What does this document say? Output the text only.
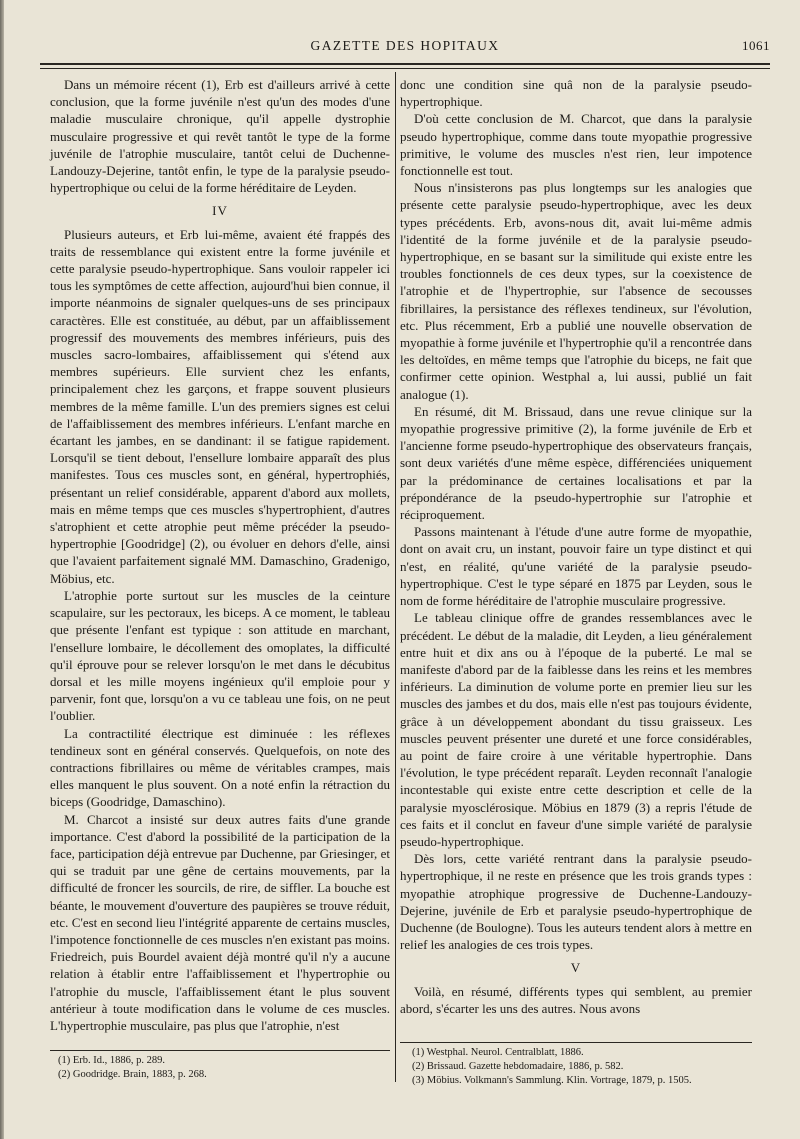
GAZETTE DES HOPITAUX	1061

Dans un mémoire récent (1), Erb est d'ailleurs arrivé à cette conclusion, que la forme juvénile n'est qu'un des modes d'une maladie musculaire chronique, qu'il appelle dystrophie musculaire progressive et qui revêt tantôt le type de la forme juvénile de l'atrophie musculaire, tantôt celui de Duchenne-Landouzy-Dejerine, tantôt enfin, le type de la paralysie pseudo-hypertrophique ou celui de la forme héréditaire de Leyden.

IV

Plusieurs auteurs, et Erb lui-même, avaient été frappés des traits de ressemblance qui existent entre la forme juvénile et cette paralysie pseudo-hypertrophique. Sans vouloir rappeler ici tous les symptômes de cette affection, aujourd'hui bien connue, il importe néanmoins de signaler quelques-uns de ses principaux caractères. Elle est constituée, au début, par un affaiblissement progressif des mouvements des membres inférieurs, puis des muscles sacro-lombaires, affaiblissement qui s'étend aux membres supérieurs. Elle survient chez les enfants, principalement chez les garçons, et frappe souvent plusieurs membres de la même famille. L'un des premiers signes est celui de l'affaiblissement des membres inférieurs. L'enfant marche en écartant les jambes, en se dandinant: il se fatigue rapidement. Lorsqu'il se tient debout, l'ensellure lombaire apparaît des plus manifestes. Tous ces muscles sont, en général, hypertrophiés, présentant un relief considérable, apparent d'abord aux mollets, mais en même temps que ces muscles s'hypertrophient, d'autres s'atrophient et cette atrophie peut même précéder la pseudo-hypertrophie [Goodridge] (2), ou évoluer en dehors d'elle, ainsi que l'avaient parfaitement signalé MM. Damaschino, Gradenigo, Möbius, etc.

L'atrophie porte surtout sur les muscles de la ceinture scapulaire, sur les pectoraux, les biceps. A ce moment, le tableau que présente l'enfant est typique : son attitude en marchant, l'ensellure lombaire, le décollement des omoplates, la difficulté qu'il éprouve pour se relever lorsqu'on le met dans le décubitus dorsal et les mille moyens ingénieux qu'il emploie pour y parvenir, font que, lorsqu'on a vu ce tableau une fois, on ne peut l'oublier.

La contractilité électrique est diminuée : les réflexes tendineux sont en général conservés. Quelquefois, on note des contractions fibrillaires ou même de véritables crampes, mais elles manquent le plus souvent. On a noté enfin la rétraction du biceps (Goodridge, Damaschino).

M. Charcot a insisté sur deux autres faits d'une grande importance. C'est d'abord la possibilité de la participation de la face, participation déjà entrevue par Duchenne, par Griesinger, et qui se traduit par une gêne de certains mouvements, par la difficulté de froncer les sourcils, de rire, de siffler. La bouche est béante, le mouvement d'ouverture des paupières se trouve réduit, etc. C'est en second lieu l'intégrité apparente de certains muscles, l'impotence fonctionnelle de ces muscles n'en existant pas moins. Friedreich, puis Bourdel avaient déjà montré qu'il n'y a aucune relation à établir entre l'affaiblissement et l'hypertrophie ou l'atrophie du muscle, l'affaiblissement étant le plus souvent antérieur à toute modification dans le volume de ces muscles. L'hypertrophie musculaire, pas plus que l'atrophie, n'est

(1) Erb. Id., 1886, p. 289.
(2) Goodridge. Brain, 1883, p. 268.

donc une condition sine quâ non de la paralysie pseudo-hypertrophique.

D'où cette conclusion de M. Charcot, que dans la paralysie pseudo hypertrophique, comme dans toute myopathie progressive primitive, le volume des muscles n'est rien, leur impotence fonctionnelle est tout.

Nous n'insisterons pas plus longtemps sur les analogies que présente cette paralysie pseudo-hypertrophique, avec les deux types précédents. Erb, avons-nous dit, avait lui-même admis l'identité de la forme juvénile et de la paralysie pseudo-hypertrophique, en se basant sur la similitude qui existe entre les troubles fonctionnels de ces deux types, sur la coexistence de l'atrophie et de l'hypertrophie, sur l'absence de secousses fibrillaires, la persistance des réflexes tendineux, sur l'évolution, etc. Plus récemment, Erb a publié une nouvelle observation de myopathie à forme juvénile et l'hypertrophie qu'il a rencontrée dans les deltoïdes, en même temps que l'atrophie du biceps, ne fait que confirmer cette opinion. Westphal a, lui aussi, publié un fait analogue (1).

En résumé, dit M. Brissaud, dans une revue clinique sur la myopathie progressive primitive (2), la forme juvénile de Erb et l'ancienne forme pseudo-hypertrophique des observateurs français, sont deux variétés d'une même espèce, différenciées uniquement par la prédominance de certaines localisations et par la prépondérance de la pseudo-hypertrophie sur l'atrophie et réciproquement.

Passons maintenant à l'étude d'une autre forme de myopathie, dont on avait cru, un instant, pouvoir faire un type distinct et qui n'est, en réalité, qu'une variété de la paralysie pseudo-hypertrophique. C'est le type séparé en 1875 par Leyden, sous le nom de forme héréditaire de l'atrophie musculaire progressive.

Le tableau clinique offre de grandes ressemblances avec le précédent. Le début de la maladie, dit Leyden, a lieu généralement entre huit et dix ans ou à l'époque de la puberté. Le mal se manifeste d'abord par de la faiblesse dans les reins et les membres inférieurs. La diminution de volume porte en premier lieu sur les muscles des jambes et du dos, mais elle n'est pas toujours évidente, grâce à un développement abondant du tissu graisseux. Les muscles peuvent présenter une dureté et une force considérables, au point de faire croire à une véritable hypertrophie. Dans l'évolution, le type précédent reparaît. Leyden reconnaît l'analogie incontestable qui existe entre cette description et celle de la paralysie myosclérosique. Möbius en 1879 (3) a repris l'étude de ces faits et il conclut en faveur d'une simple variété de paralysie pseudo-hypertrophique.

Dès lors, cette variété rentrant dans la paralysie pseudo-hypertrophique, il ne reste en présence que les trois grands types : myopathie atrophique progressive de Duchenne-Landouzy-Dejerine, juvénile de Erb et paralysie pseudo-hypertrophique de Duchenne (de Boulogne). Tous les auteurs tendent alors à mettre en relief les analogies de ces trois types.

V

Voilà, en résumé, différents types qui semblent, au premier abord, s'écarter les uns des autres. Nous avons

(1) Westphal. Neurol. Centralblatt, 1886.
(2) Brissaud. Gazette hebdomadaire, 1886, p. 582.
(3) Möbius. Volkmann's Sammlung. Klin. Vortrage, 1879, p. 1505.
